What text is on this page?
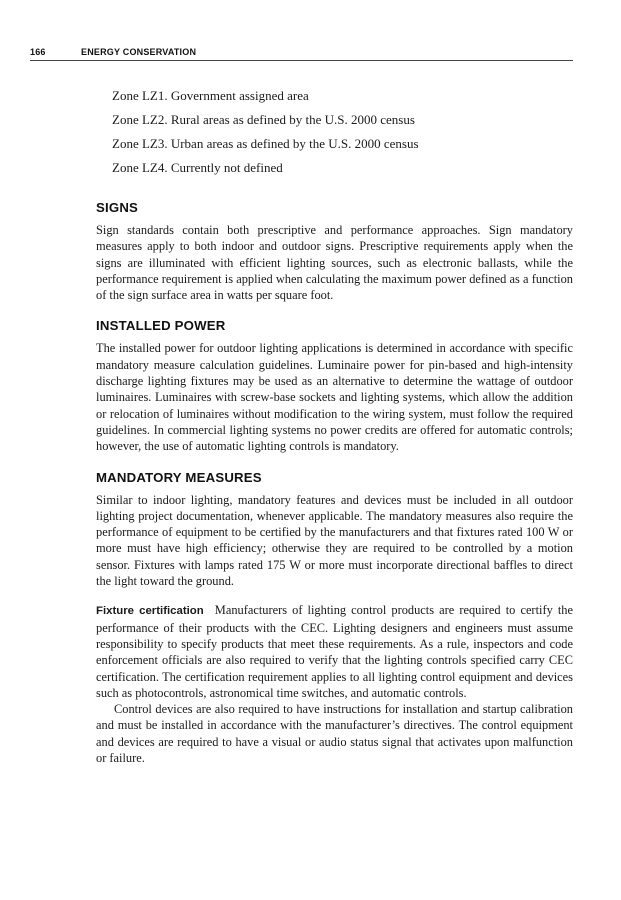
166	ENERGY CONSERVATION

Zone LZ1. Government assigned area

Zone LZ2. Rural areas as defined by the U.S. 2000 census

Zone LZ3. Urban areas as defined by the U.S. 2000 census

Zone LZ4. Currently not defined

SIGNS

Sign standards contain both prescriptive and performance approaches. Sign mandatory measures apply to both indoor and outdoor signs. Prescriptive requirements apply when the signs are illuminated with efficient lighting sources, such as electronic ballasts, while the performance requirement is applied when calculating the maximum power defined as a function of the sign surface area in watts per square foot.

INSTALLED POWER

The installed power for outdoor lighting applications is determined in accordance with specific mandatory measure calculation guidelines. Luminaire power for pin-based and high-intensity discharge lighting fixtures may be used as an alternative to determine the wattage of outdoor luminaires. Luminaires with screw-base sockets and lighting systems, which allow the addition or relocation of luminaires without modification to the wiring system, must follow the required guidelines. In commercial lighting systems no power credits are offered for automatic controls; however, the use of automatic lighting controls is mandatory.

MANDATORY MEASURES

Similar to indoor lighting, mandatory features and devices must be included in all outdoor lighting project documentation, whenever applicable. The mandatory measures also require the performance of equipment to be certified by the manufacturers and that fixtures rated 100 W or more must have high efficiency; otherwise they are required to be controlled by a motion sensor. Fixtures with lamps rated 175 W or more must incorporate directional baffles to direct the light toward the ground.

Fixture certification Manufacturers of lighting control products are required to certify the performance of their products with the CEC. Lighting designers and engineers must assume responsibility to specify products that meet these requirements. As a rule, inspectors and code enforcement officials are also required to verify that the lighting controls specified carry CEC certification. The certification requirement applies to all lighting control equipment and devices such as photocontrols, astronomical time switches, and automatic controls.

Control devices are also required to have instructions for installation and startup calibration and must be installed in accordance with the manufacturer’s directives. The control equipment and devices are required to have a visual or audio status signal that activates upon malfunction or failure.
